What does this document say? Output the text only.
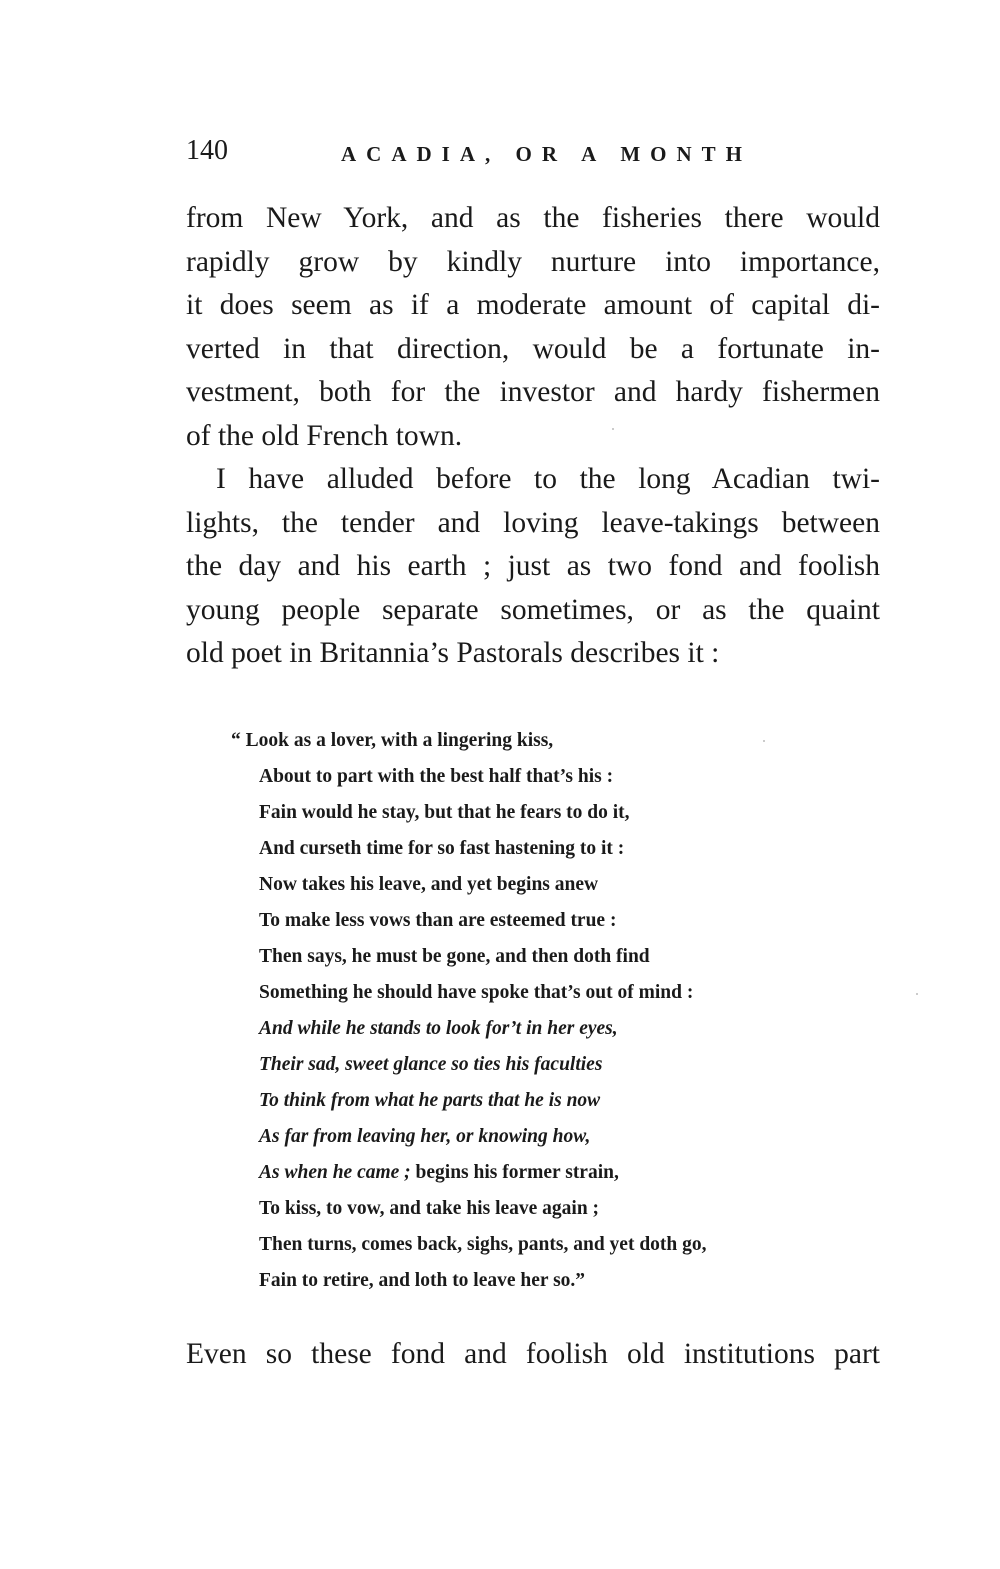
140	ACADIA, OR A MONTH
from New York, and as the fisheries there would
rapidly grow by kindly nurture into importance,
it does seem as if a moderate amount of capital di-
verted in that direction, would be a fortunate in-
vestment, both for the investor and hardy fishermen
of the old French town.
I have alluded before to the long Acadian twi-
lights, the tender and loving leave-takings between
the day and his earth ; just as two fond and foolish
young people separate sometimes, or as the quaint
old poet in Britannia’s Pastorals describes it :
“ Look as a lover, with a lingering kiss,
About to part with the best half that’s his :
Fain would he stay, but that he fears to do it,
And curseth time for so fast hastening to it :
Now takes his leave, and yet begins anew
To make less vows than are esteemed true :
Then says, he must be gone, and then doth find
Something he should have spoke that’s out of mind :
And while he stands to look for’t in her eyes,
Their sad, sweet glance so ties his faculties
To think from what he parts that he is now
As far from leaving her, or knowing how,
As when he came ; begins his former strain,
To kiss, to vow, and take his leave again ;
Then turns, comes back, sighs, pants, and yet doth go,
Fain to retire, and loth to leave her so.”
Even so these fond and foolish old institutions part
